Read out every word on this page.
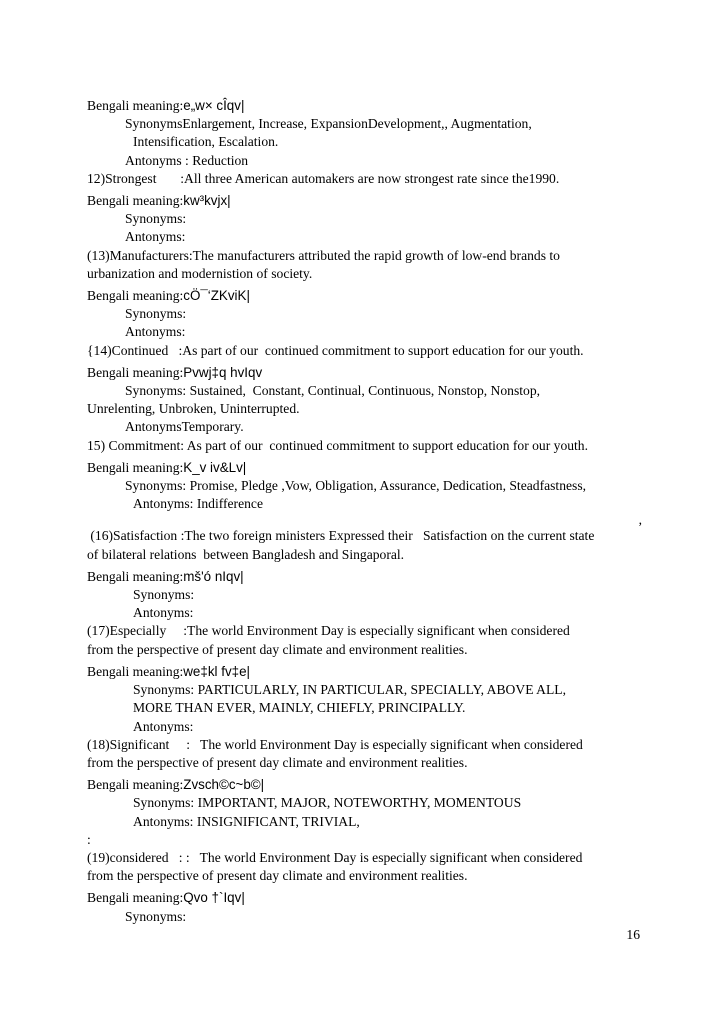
Bengali meaning:e„w× cÎqv|

SynonymsEnlargement, Increase, ExpansionDevelopment,, Augmentation,

Intensification, Escalation.

Antonyms : Reduction

12)Strongest       :All three American automakers are now strongest rate since the1990.

Bengali meaning:kw³kvjx|

Synonyms:

Antonyms:

(13)Manufacturers:The manufacturers attributed the rapid growth of low-end brands to

urbanization and modernistion of society.

Bengali meaning:cÖ¯‘ZKviK|

Synonyms:

Antonyms:

{14)Continued   :As part of our  continued commitment to support education for our youth.

Bengali meaning:Pvwj‡q hvIqv

Synonyms: Sustained,  Constant, Continual, Continuous, Nonstop, Nonstop,

Unrelenting, Unbroken, Uninterrupted.

AntonymsTemporary.

15) Commitment: As part of our  continued commitment to support education for our youth.

Bengali meaning:K_v iv&Lv|

Synonyms: Promise, Pledge ,Vow, Obligation, Assurance, Dedication, Steadfastness,

Antonyms: Indifference

,

(16)Satisfaction :The two foreign ministers Expressed their   Satisfaction on the current state

of bilateral relations  between Bangladesh and Singaporal.

Bengali meaning:mš'ó nIqv|

Synonyms:

Antonyms:

(17)Especially     :The world Environment Day is especially significant when considered

from the perspective of present day climate and environment realities.

Bengali meaning:we‡kl fv‡e|

Synonyms: PARTICULARLY, IN PARTICULAR, SPECIALLY, ABOVE ALL,

MORE THAN EVER, MAINLY, CHIEFLY, PRINCIPALLY.

Antonyms:

(18)Significant     :   The world Environment Day is especially significant when considered

from the perspective of present day climate and environment realities.

Bengali meaning:Zvsch©c~b©|

Synonyms: IMPORTANT, MAJOR, NOTEWORTHY, MOMENTOUS

Antonyms: INSIGNIFICANT, TRIVIAL,

:

(19)considered   : :   The world Environment Day is especially significant when considered

from the perspective of present day climate and environment realities.

Bengali meaning:Qvo †`Iqv|

Synonyms:

16
